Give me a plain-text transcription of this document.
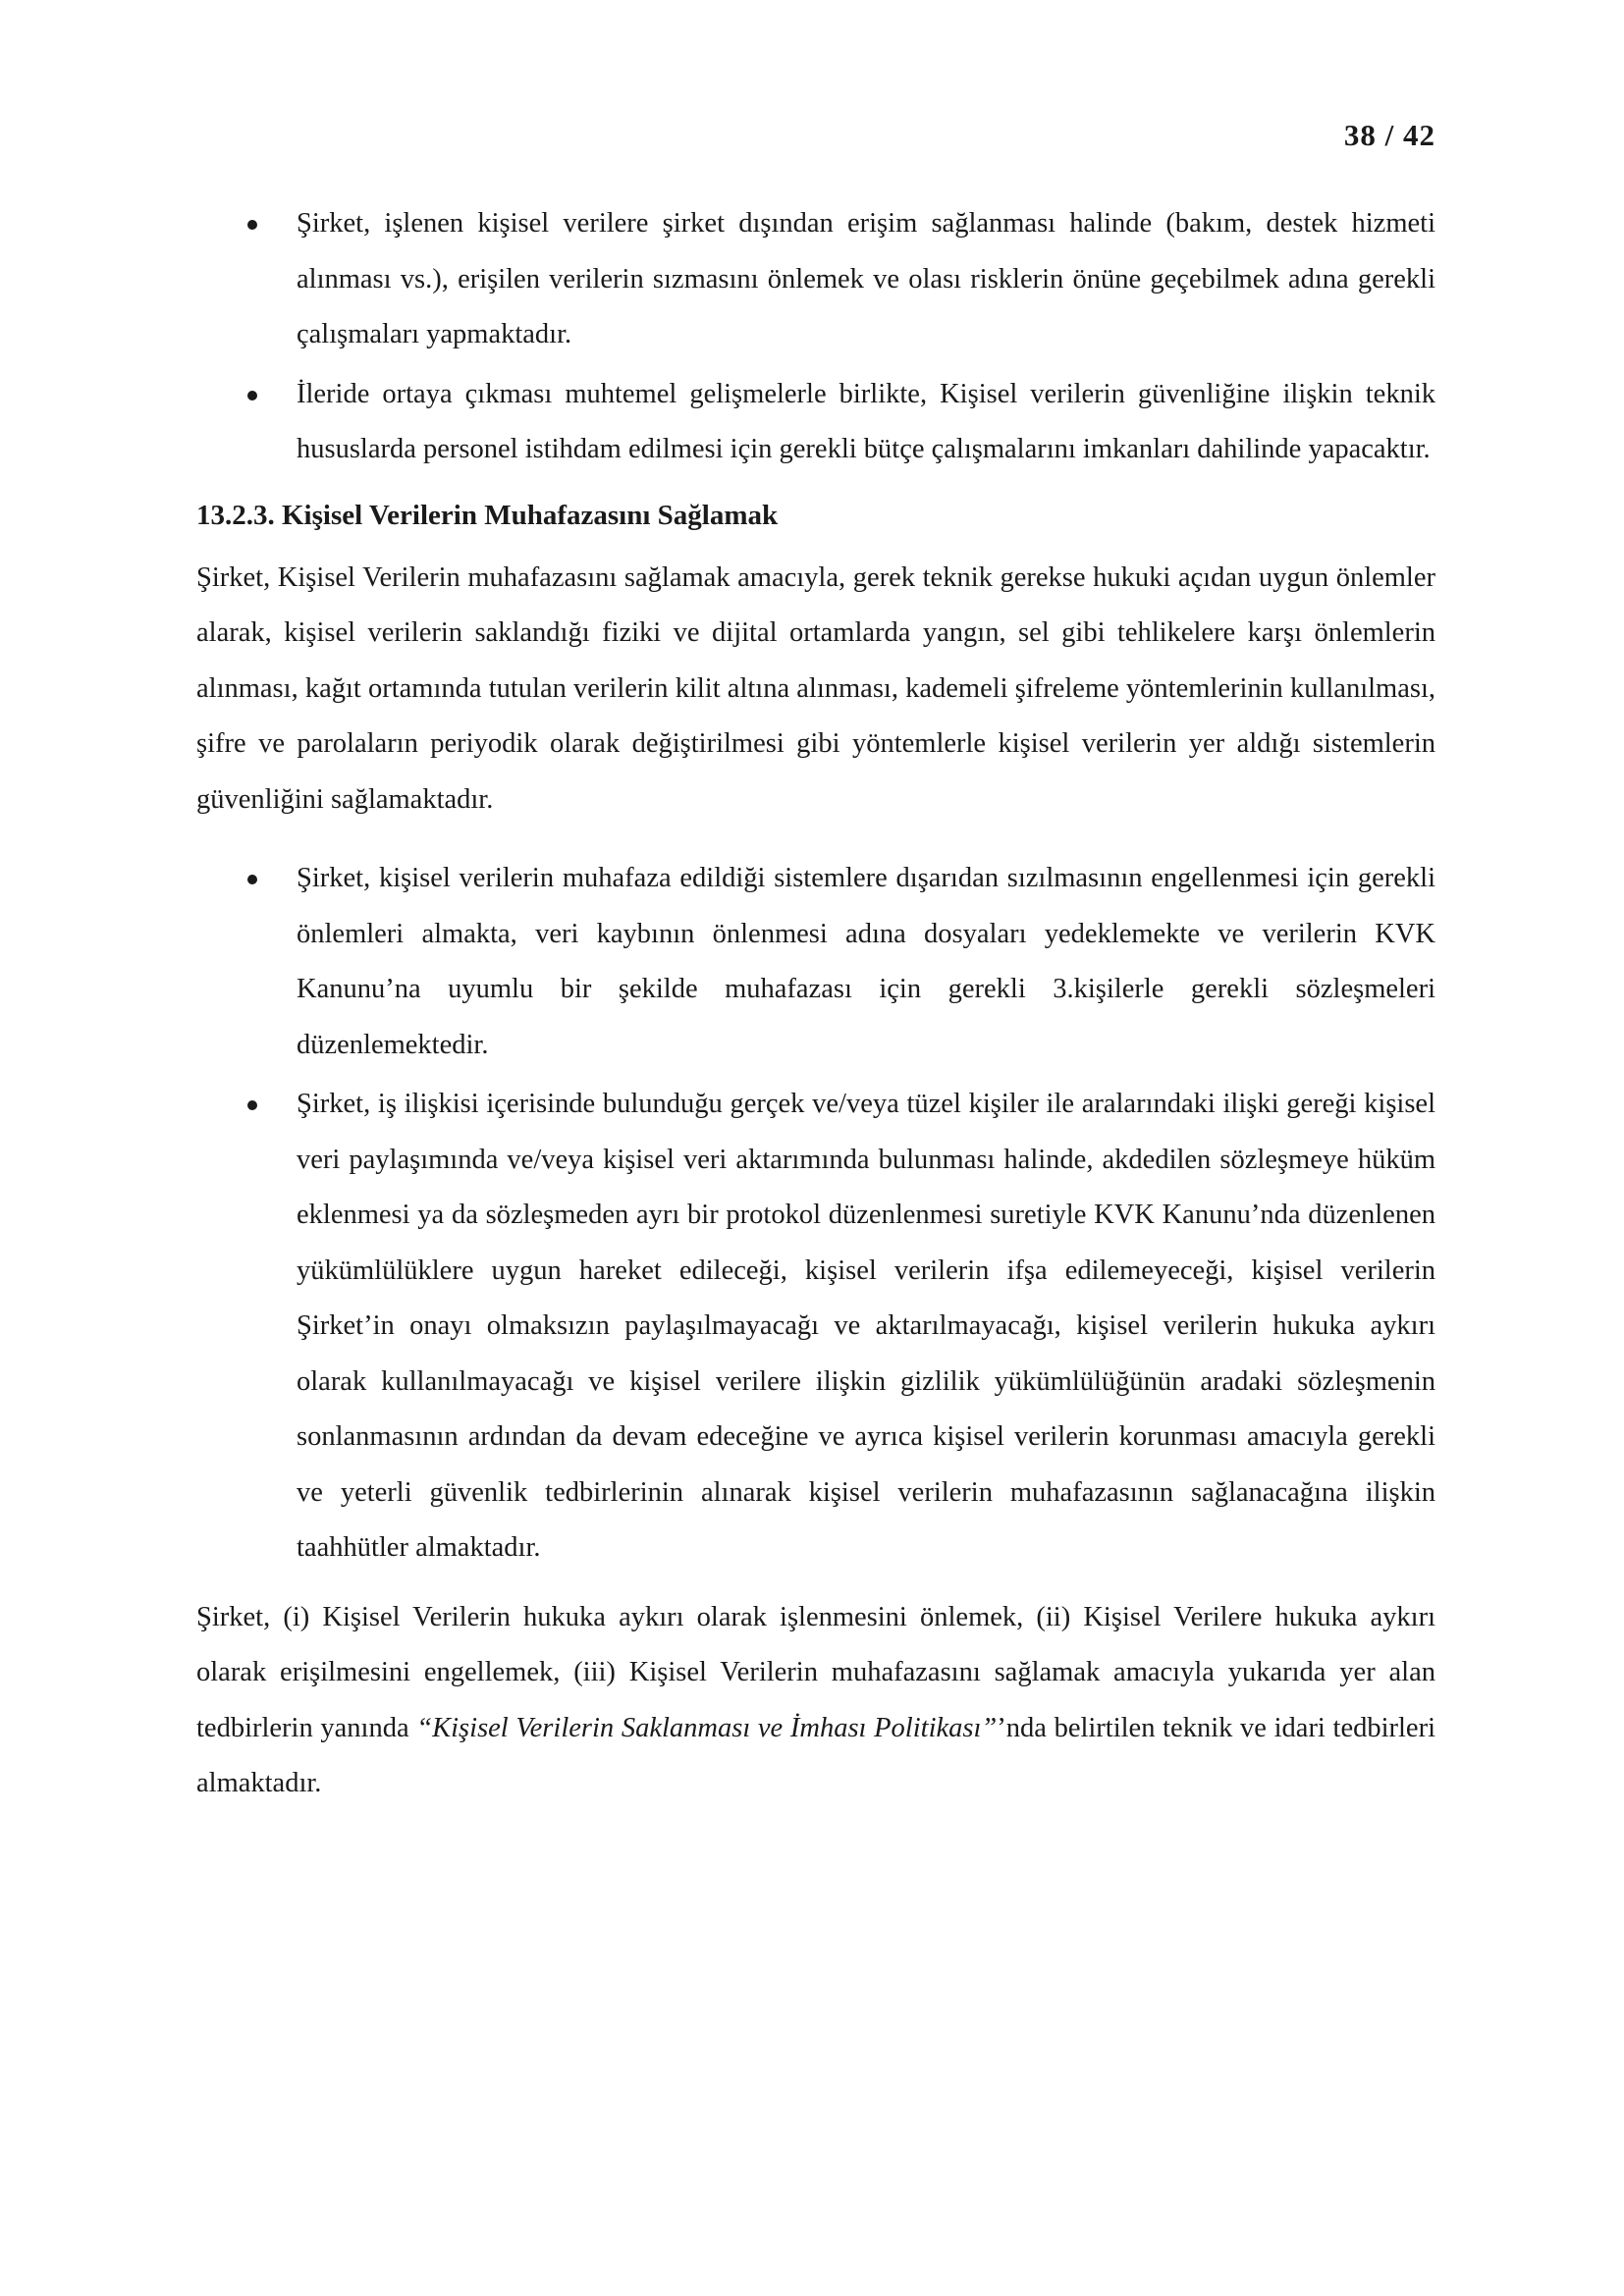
38 / 42
Şirket, işlenen kişisel verilere şirket dışından erişim sağlanması halinde (bakım, destek hizmeti alınması vs.), erişilen verilerin sızmasını önlemek ve olası risklerin önüne geçebilmek adına gerekli çalışmaları yapmaktadır.
İleride ortaya çıkması muhtemel gelişmelerle birlikte, Kişisel verilerin güvenliğine ilişkin teknik hususlarda personel istihdam edilmesi için gerekli bütçe çalışmalarını imkanları dahilinde yapacaktır.
13.2.3. Kişisel Verilerin Muhafazasını Sağlamak

Şirket, Kişisel Verilerin muhafazasını sağlamak amacıyla, gerek teknik gerekse hukuki açıdan uygun önlemler alarak, kişisel verilerin saklandığı fiziki ve dijital ortamlarda yangın, sel gibi tehlikelere karşı önlemlerin alınması, kağıt ortamında tutulan verilerin kilit altına alınması, kademeli şifreleme yöntemlerinin kullanılması, şifre ve parolaların periyodik olarak değiştirilmesi gibi yöntemlerle kişisel verilerin yer aldığı sistemlerin güvenliğini sağlamaktadır.

Şirket, kişisel verilerin muhafaza edildiği sistemlere dışarıdan sızılmasının engellenmesi için gerekli önlemleri almakta, veri kaybının önlenmesi adına dosyaları yedeklemekte ve verilerin KVK Kanunu’na uyumlu bir şekilde muhafazası için gerekli 3.kişilerle gerekli sözleşmeleri düzenlemektedir.
Şirket, iş ilişkisi içerisinde bulunduğu gerçek ve/veya tüzel kişiler ile aralarındaki ilişki gereği kişisel veri paylaşımında ve/veya kişisel veri aktarımında bulunması halinde, akdedilen sözleşmeye hüküm eklenmesi ya da sözleşmeden ayrı bir protokol düzenlenmesi suretiyle KVK Kanunu’nda düzenlenen yükümlülüklere uygun hareket edileceği, kişisel verilerin ifşa edilemeyeceği, kişisel verilerin Şirket’in onayı olmaksızın paylaşılmayacağı ve aktarılmayacağı, kişisel verilerin hukuka aykırı olarak kullanılmayacağı ve kişisel verilere ilişkin gizlilik yükümlülüğünün aradaki sözleşmenin sonlanmasının ardından da devam edeceğine ve ayrıca kişisel verilerin korunması amacıyla gerekli ve yeterli güvenlik tedbirlerinin alınarak kişisel verilerin muhafazasının sağlanacağına ilişkin taahhütler almaktadır.

Şirket, (i) Kişisel Verilerin hukuka aykırı olarak işlenmesini önlemek, (ii) Kişisel Verilere hukuka aykırı olarak erişilmesini engellemek, (iii) Kişisel Verilerin muhafazasını sağlamak amacıyla yukarıda yer alan tedbirlerin yanında “Kişisel Verilerin Saklanması ve İmhası Politikası”’nda belirtilen teknik ve idari tedbirleri almaktadır.
